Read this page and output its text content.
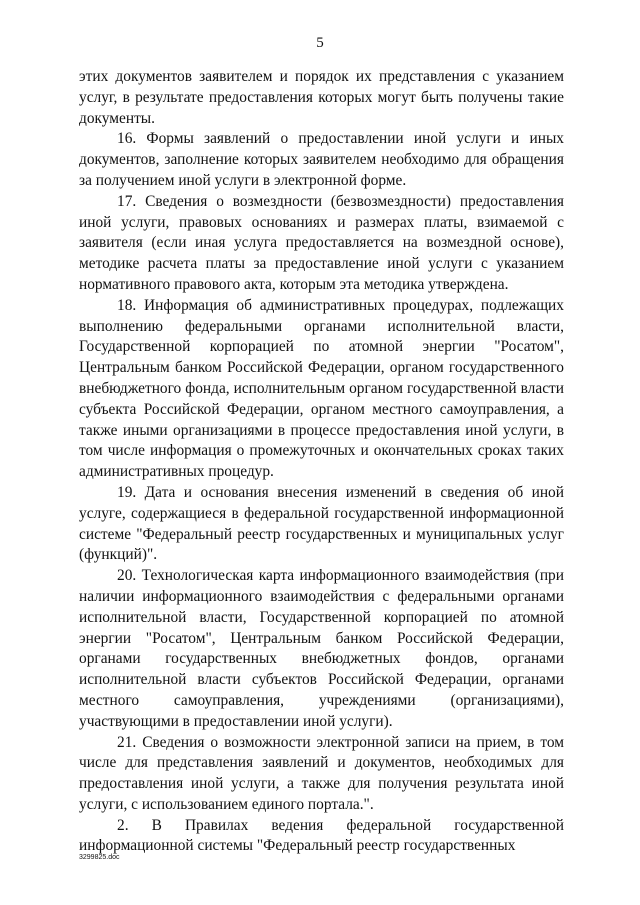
5

этих документов заявителем и порядок их представления с указанием услуг, в результате предоставления которых могут быть получены такие документы.

16. Формы заявлений о предоставлении иной услуги и иных документов, заполнение которых заявителем необходимо для обращения за получением иной услуги в электронной форме.

17. Сведения о возмездности (безвозмездности) предоставления иной услуги, правовых основаниях и размерах платы, взимаемой с заявителя (если иная услуга предоставляется на возмездной основе), методике расчета платы за предоставление иной услуги с указанием нормативного правового акта, которым эта методика утверждена.

18. Информация об административных процедурах, подлежащих выполнению федеральными органами исполнительной власти, Государственной корпорацией по атомной энергии "Росатом", Центральным банком Российской Федерации, органом государственного внебюджетного фонда, исполнительным органом государственной власти субъекта Российской Федерации, органом местного самоуправления, а также иными организациями в процессе предоставления иной услуги, в том числе информация о промежуточных и окончательных сроках таких административных процедур.

19. Дата и основания внесения изменений в сведения об иной услуге, содержащиеся в федеральной государственной информационной системе "Федеральный реестр государственных и муниципальных услуг (функций)".

20. Технологическая карта информационного взаимодействия (при наличии информационного взаимодействия с федеральными органами исполнительной власти, Государственной корпорацией по атомной энергии "Росатом", Центральным банком Российской Федерации, органами государственных внебюджетных фондов, органами исполнительной власти субъектов Российской Федерации, органами местного самоуправления, учреждениями (организациями), участвующими в предоставлении иной услуги).

21. Сведения о возможности электронной записи на прием, в том числе для представления заявлений и документов, необходимых для предоставления иной услуги, а также для получения результата иной услуги, с использованием единого портала.".

2. В Правилах ведения федеральной государственной информационной системы "Федеральный реестр государственных

3299825.doc
